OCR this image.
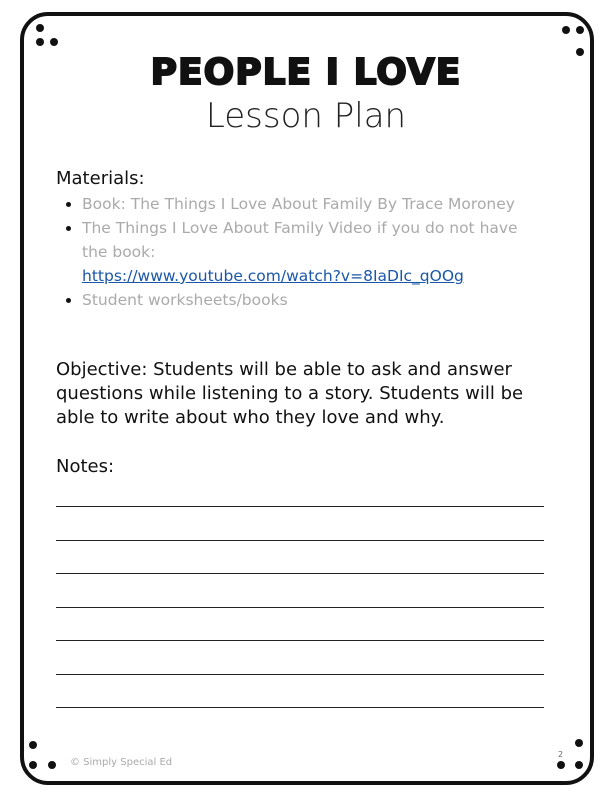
PEOPLE I LOVE
Lesson Plan
Materials:
• Book: The Things I Love About Family By Trace Moroney
• The Things I Love About Family Video if you do not have the book:
https://www.youtube.com/watch?v=8IaDIc_qOOg
• Student worksheets/books
Objective: Students will be able to ask and answer questions while listening to a story. Students will be able to write about who they love and why.
Notes:
© Simply Special Ed
2
